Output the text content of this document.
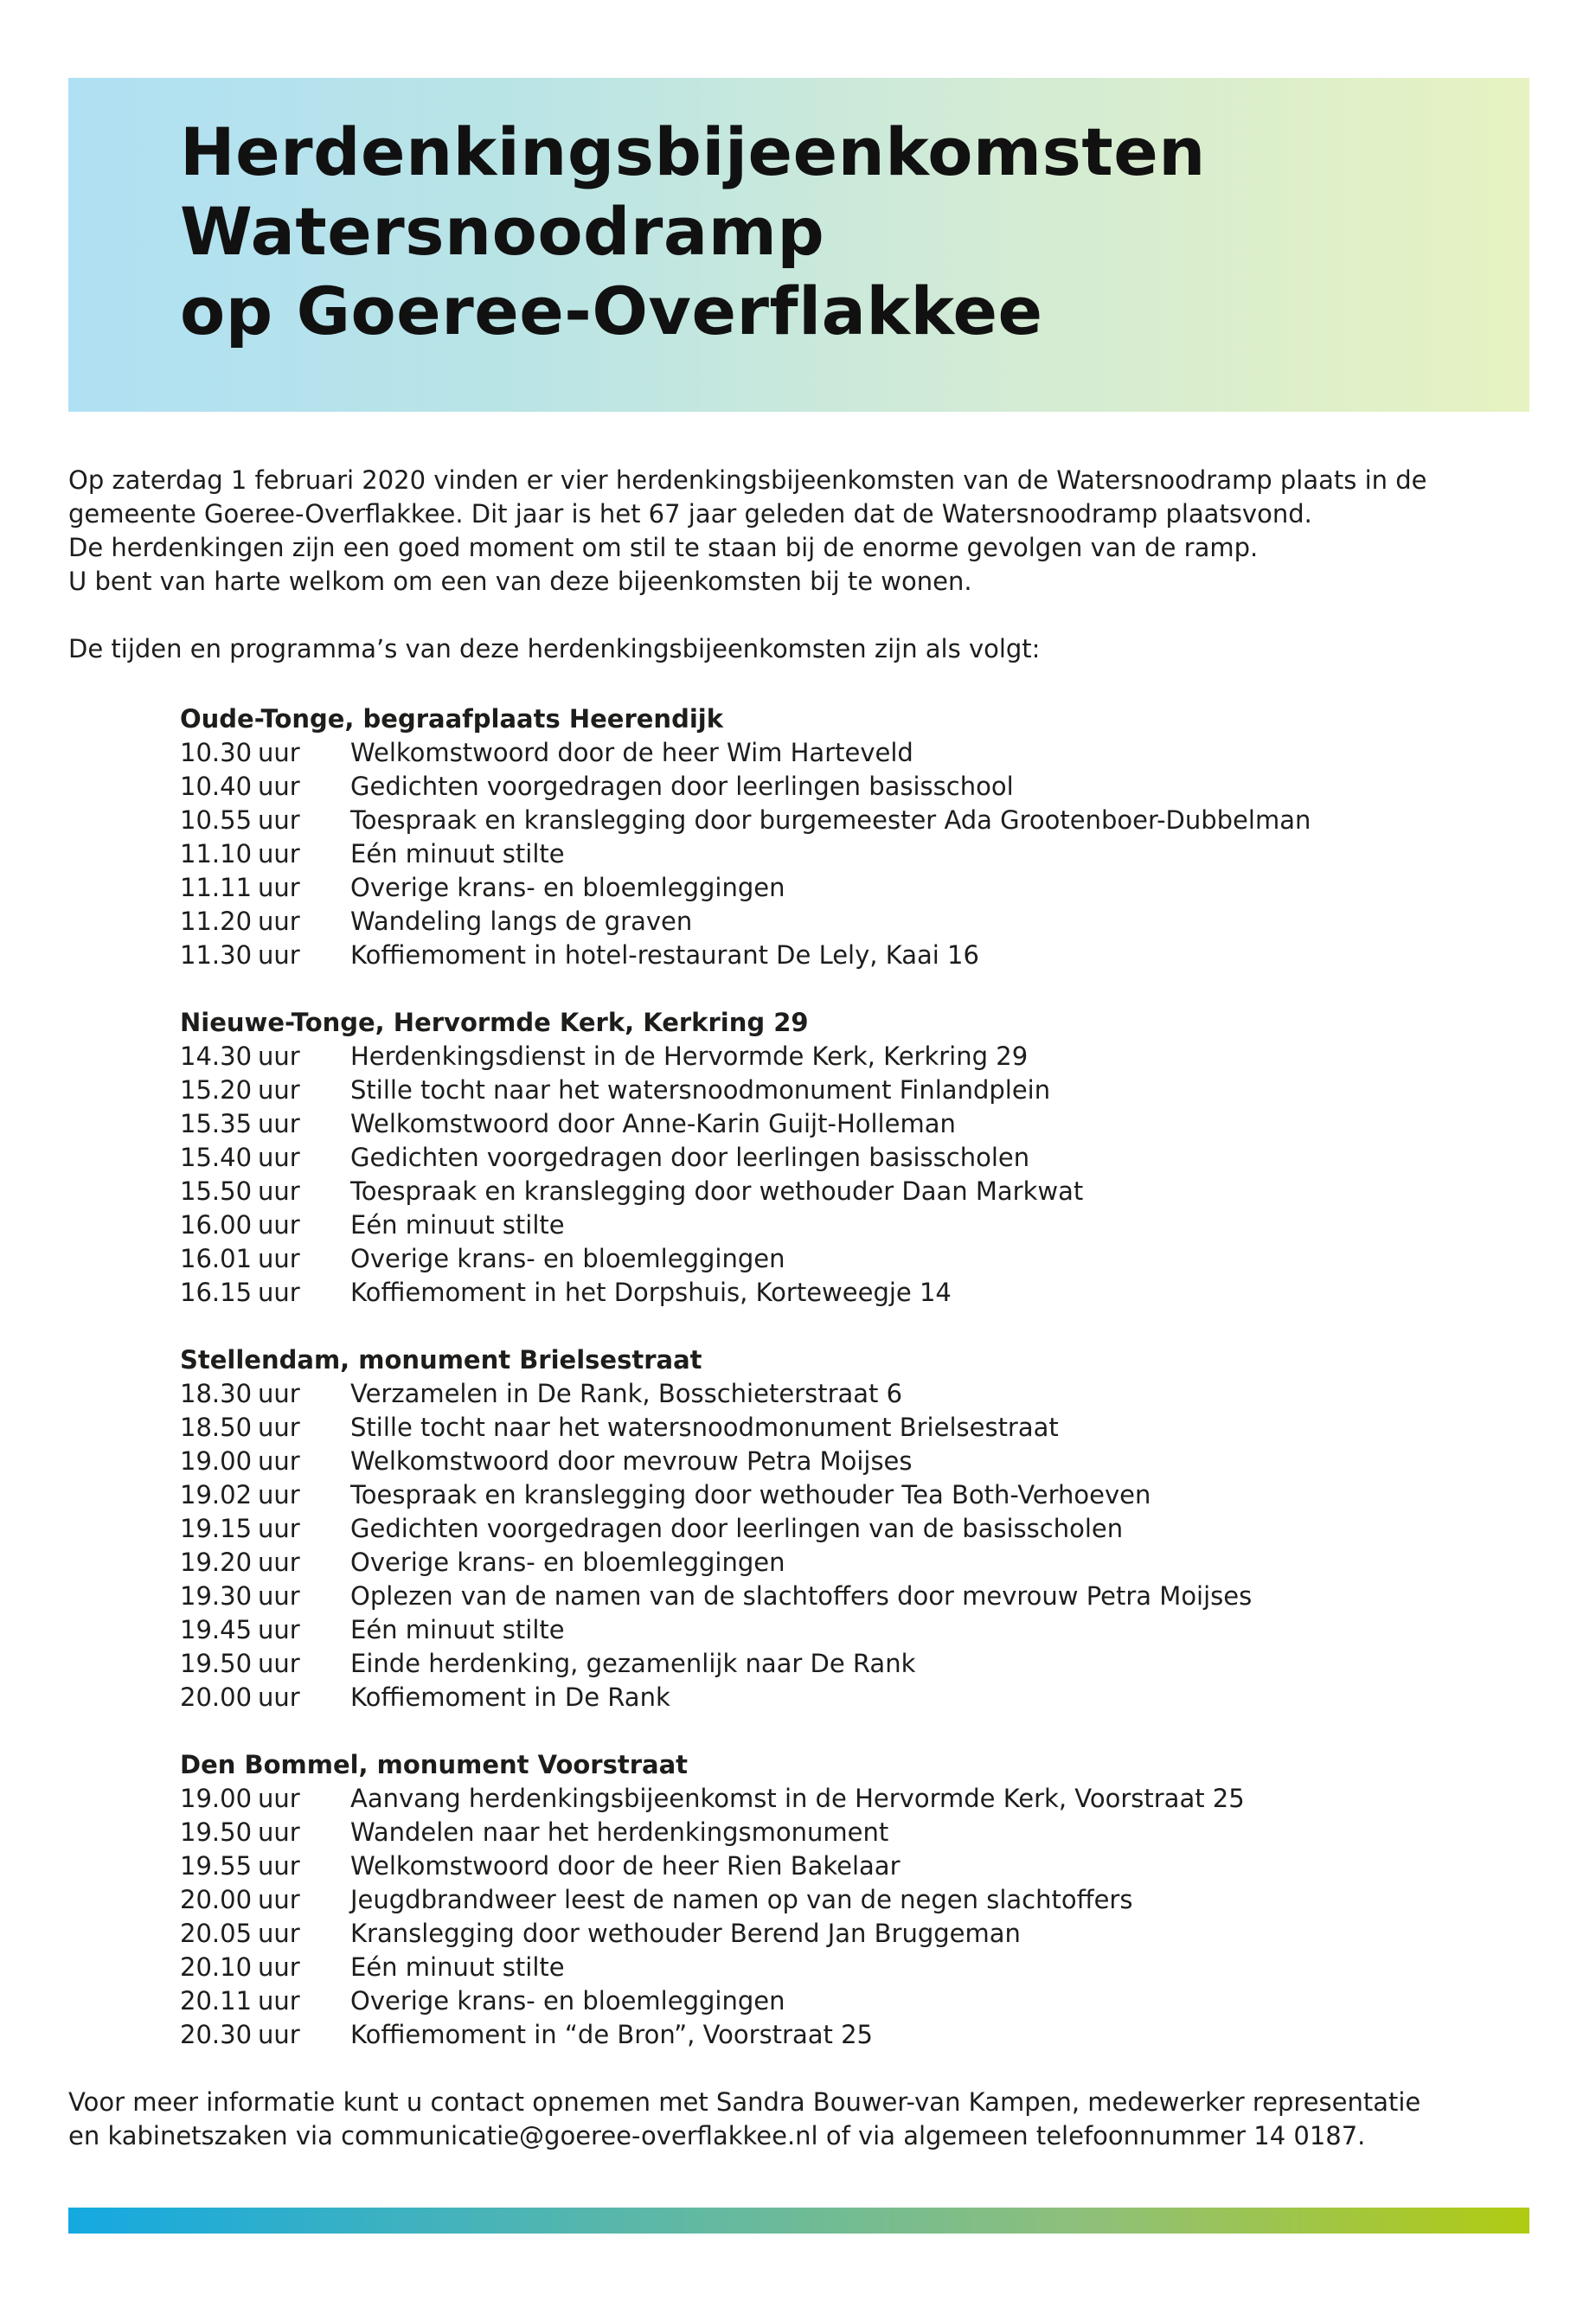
Herdenkingsbijeenkomsten
Watersnoodramp
op Goeree-Overflakkee

Op zaterdag 1 februari 2020 vinden er vier herdenkingsbijeenkomsten van de Watersnoodramp plaats in de

gemeente Goeree-Overflakkee. Dit jaar is het 67 jaar geleden dat de Watersnoodramp plaatsvond.

De herdenkingen zijn een goed moment om stil te staan bij de enorme gevolgen van de ramp.

U bent van harte welkom om een van deze bijeenkomsten bij te wonen.

De tijden en programma’s van deze herdenkingsbijeenkomsten zijn als volgt:

Oude-Tonge, begraafplaats Heerendijk
10.30 uur	Welkomstwoord door de heer Wim Harteveld
10.40 uur	Gedichten voorgedragen door leerlingen basisschool
10.55 uur	Toespraak en kranslegging door burgemeester Ada Grootenboer-Dubbelman
11.10 uur	Eén minuut stilte
11.11 uur	Overige krans- en bloemleggingen
11.20 uur	Wandeling langs de graven
11.30 uur	Koffiemoment in hotel-restaurant De Lely, Kaai 16
Nieuwe-Tonge, Hervormde Kerk, Kerkring 29
14.30 uur	Herdenkingsdienst in de Hervormde Kerk, Kerkring 29
15.20 uur	Stille tocht naar het watersnoodmonument Finlandplein
15.35 uur	Welkomstwoord door Anne-Karin Guijt-Holleman
15.40 uur	Gedichten voorgedragen door leerlingen basisscholen
15.50 uur	Toespraak en kranslegging door wethouder Daan Markwat
16.00 uur	Eén minuut stilte
16.01 uur	Overige krans- en bloemleggingen
16.15 uur	Koffiemoment in het Dorpshuis, Korteweegje 14
Stellendam, monument Brielsestraat
18.30 uur	Verzamelen in De Rank, Bosschieterstraat 6
18.50 uur	Stille tocht naar het watersnoodmonument Brielsestraat
19.00 uur	Welkomstwoord door mevrouw Petra Moijses
19.02 uur	Toespraak en kranslegging door wethouder Tea Both-Verhoeven
19.15 uur	Gedichten voorgedragen door leerlingen van de basisscholen
19.20 uur	Overige krans- en bloemleggingen
19.30 uur	Oplezen van de namen van de slachtoffers door mevrouw Petra Moijses
19.45 uur	Eén minuut stilte
19.50 uur	Einde herdenking, gezamenlijk naar De Rank
20.00 uur	Koffiemoment in De Rank
Den Bommel, monument Voorstraat
19.00 uur	Aanvang herdenkingsbijeenkomst in de Hervormde Kerk, Voorstraat 25
19.50 uur	Wandelen naar het herdenkingsmonument
19.55 uur	Welkomstwoord door de heer Rien Bakelaar
20.00 uur	Jeugdbrandweer leest de namen op van de negen slachtoffers
20.05 uur	Kranslegging door wethouder Berend Jan Bruggeman
20.10 uur	Eén minuut stilte
20.11 uur	Overige krans- en bloemleggingen
20.30 uur	Koffiemoment in “de Bron”, Voorstraat 25

Voor meer informatie kunt u contact opnemen met Sandra Bouwer-van Kampen, medewerker representatie

en kabinetszaken via communicatie@goeree-overflakkee.nl of via algemeen telefoonnummer 14 0187.
